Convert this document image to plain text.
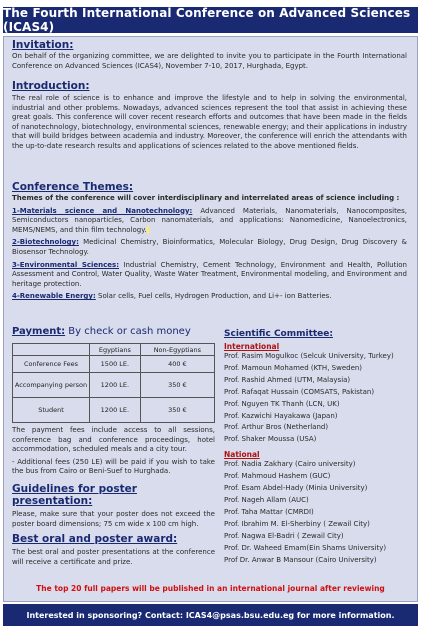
The Fourth International Conference on Advanced Sciences (ICAS4)
Invitation:
On behalf of the organizing committee, we are delighted to invite you to participate in the Fourth International Conference on Advanced Sciences (ICAS4), November 7-10, 2017, Hurghada, Egypt.
Introduction:
The real role of science is to enhance and improve the lifestyle and to help in solving the environmental, industrial and other problems. Nowadays, advanced sciences represent the tool that assist in achieving these great goals. This conference will cover recent research efforts and outcomes that have been made in the fields of nanotechnology, biotechnology, environmental sciences, renewable energy; and their applications in industry that will build bridges between academia and industry. Moreover, the conference will enrich the attendants with the up-to-date research results and applications of sciences related to the above mentioned fields.
Conference Themes:
Themes of the conference will cover interdisciplinary and interrelated areas of science including :
1-Materials science and Nanotechnology: Advanced Materials, Nanomaterials, Nanocomposites, Semiconductors nanoparticles, Carbon nanomaterials, and applications: Nanomedicine, Nanoelectronics, MEMS/NEMS, and thin film technology.
2-Biotechnology: Medicinal Chemistry, Bioinformatics, Molecular Biology, Drug Design, Drug Discovery & Biosensor Technology.
3-Environmental Sciences: Industrial Chemistry, Cement Technology, Environment and Health, Pollution Assessment and Control, Water Quality, Waste Water Treatment, Environmental modeling, and Environment and heritage protection.
4-Renewable Energy: Solar cells, Fuel cells, Hydrogen Production, and Li+- ion Batteries.
Payment: By check or cash money
	Egyptians	Non-Egyptians
Conference Fees	1500 LE.	400 €
Accompanying person	1200 LE.	350 €
Student	1200 LE.	350 €
The payment fees include access to all sessions, conference bag and conference proceedings, hotel accommodation, scheduled meals and a city tour.
- Additional fees (250 LE) will be paid if you wish to take the bus from Cairo or Beni-Suef to Hurghada.
Guidelines for poster presentation:
Please, make sure that your poster does not exceed the poster board dimensions; 75 cm wide x 100 cm high.
Best oral and poster award:
The best oral and poster presentations at the conference will receive a certificate and prize.
Scientific Committee:
International
Prof. Rasim Mogulkoc (Selcuk University, Turkey)
Prof. Mamoun Mohamed (KTH, Sweden)
Prof. Rashid Ahmed (UTM, Malaysia)
Prof. Rafaqat Hussain (COMSATS, Pakistan)
Prof. Nguyen TK Thanh (LCN, UK)
Prof. Kazwichi Hayakawa (Japan)
Prof. Arthur Bros (Netherland)
Prof. Shaker Moussa (USA)
National
Prof. Nadia Zakhary (Cairo university)
Prof. Mahmoud Hashem (GUC)
Prof. Esam Abdel-Hady (Minia University)
Prof. Nageh Allam (AUC)
Prof. Taha Mattar (CMRDI)
Prof. Ibrahim M. El-Sherbiny ( Zewail City)
Prof. Nagwa El-Badri ( Zewail City)
Prof. Dr. Waheed Emam(Ein Shams University)
Prof Dr. Anwar B Mansour (Cairo University)
The top 20 full papers will be published in an international journal after reviewing
Interested in sponsoring? Contact: ICAS4@psas.bsu.edu.eg for more information.
